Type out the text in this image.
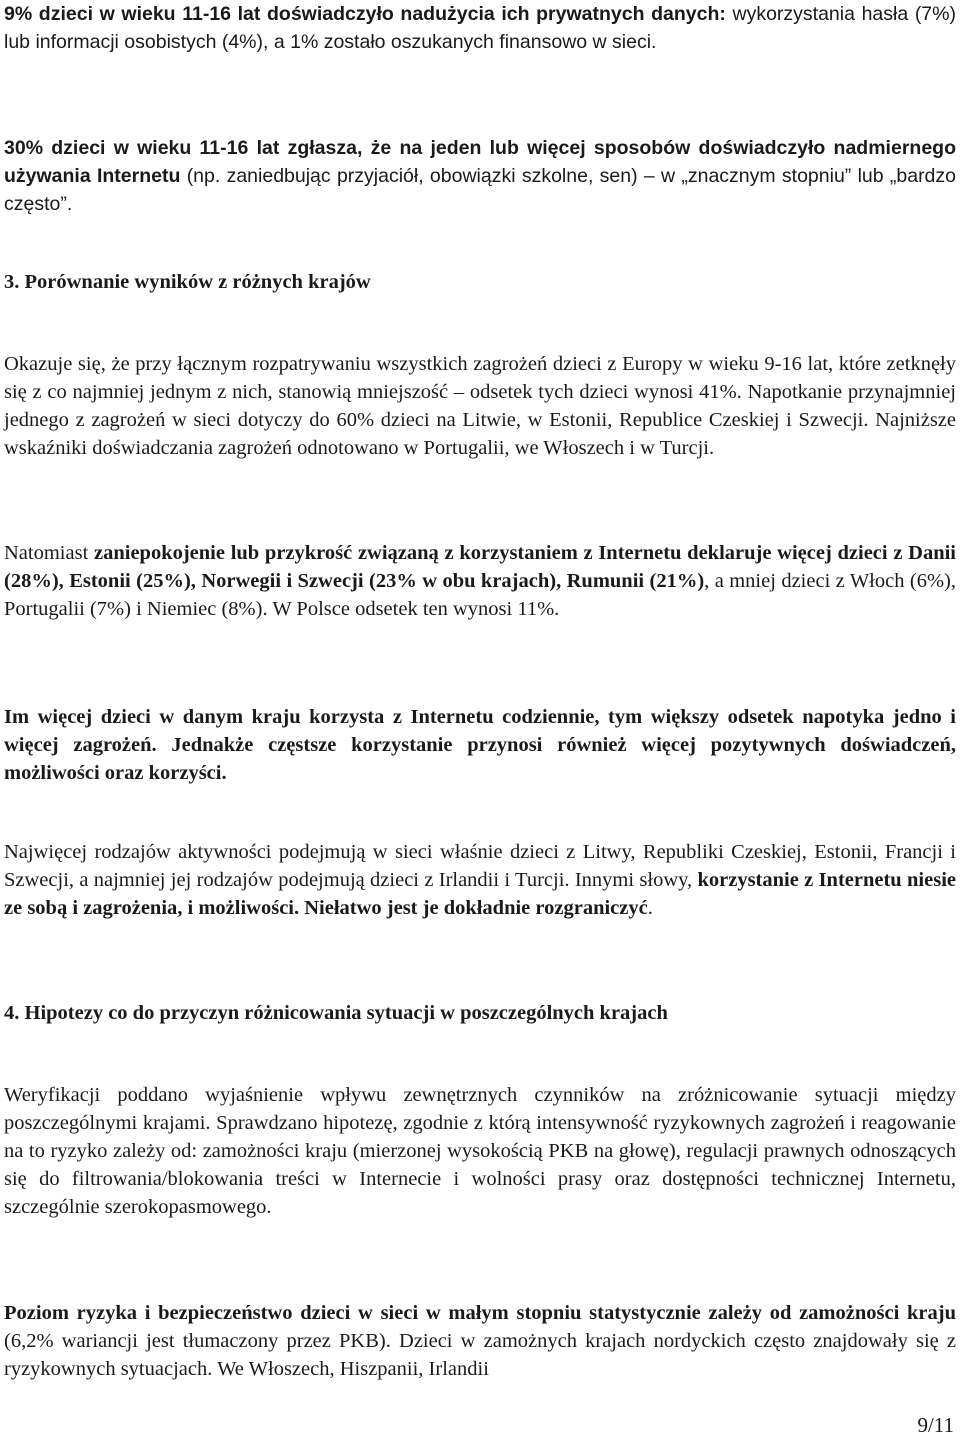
9% dzieci w wieku 11-16 lat doświadczyło nadużycia ich prywatnych danych: wykorzystania hasła (7%) lub informacji osobistych (4%), a 1% zostało oszukanych finansowo w sieci.

30% dzieci w wieku 11-16 lat zgłasza, że na jeden lub więcej sposobów doświadczyło nadmiernego używania Internetu (np. zaniedbując przyjaciół, obowiązki szkolne, sen) – w „znacznym stopniu” lub „bardzo często”.

3. Porównanie wyników z różnych krajów

Okazuje się, że przy łącznym rozpatrywaniu wszystkich zagrożeń dzieci z Europy w wieku 9-16 lat, które zetknęły się z co najmniej jednym z nich, stanowią mniejszość – odsetek tych dzieci wynosi 41%. Napotkanie przynajmniej jednego z zagrożeń w sieci dotyczy do 60% dzieci na Litwie, w Estonii, Republice Czeskiej i Szwecji. Najniższe wskaźniki doświadczania zagrożeń odnotowano w Portugalii, we Włoszech i w Turcji.

Natomiast zaniepokojenie lub przykrość związaną z korzystaniem z Internetu deklaruje więcej dzieci z Danii (28%), Estonii (25%), Norwegii i Szwecji (23% w obu krajach), Rumunii (21%), a mniej dzieci z Włoch (6%), Portugalii (7%) i Niemiec (8%). W Polsce odsetek ten wynosi 11%.

Im więcej dzieci w danym kraju korzysta z Internetu codziennie, tym większy odsetek napotyka jedno i więcej zagrożeń. Jednakże częstsze korzystanie przynosi również więcej pozytywnych doświadczeń, możliwości oraz korzyści.

Najwięcej rodzajów aktywności podejmują w sieci właśnie dzieci z Litwy, Republiki Czeskiej, Estonii, Francji i Szwecji, a najmniej jej rodzajów podejmują dzieci z Irlandii i Turcji. Innymi słowy, korzystanie z Internetu niesie ze sobą i zagrożenia, i możliwości. Niełatwo jest je dokładnie rozgraniczyć.

4. Hipotezy co do przyczyn różnicowania sytuacji w poszczególnych krajach

Weryfikacji poddano wyjaśnienie wpływu zewnętrznych czynników na zróżnicowanie sytuacji między poszczególnymi krajami. Sprawdzano hipotezę, zgodnie z którą intensywność ryzykownych zagrożeń i reagowanie na to ryzyko zależy od: zamożności kraju (mierzonej wysokością PKB na głowę), regulacji prawnych odnoszących się do filtrowania/blokowania treści w Internecie i wolności prasy oraz dostępności technicznej Internetu, szczególnie szerokopasmowego.

Poziom ryzyka i bezpieczeństwo dzieci w sieci w małym stopniu statystycznie zależy od zamożności kraju (6,2% wariancji jest tłumaczony przez PKB). Dzieci w zamożnych krajach nordyckich często znajdowały się z ryzykownych sytuacjach. We Włoszech, Hiszpanii, Irlandii

9/11
